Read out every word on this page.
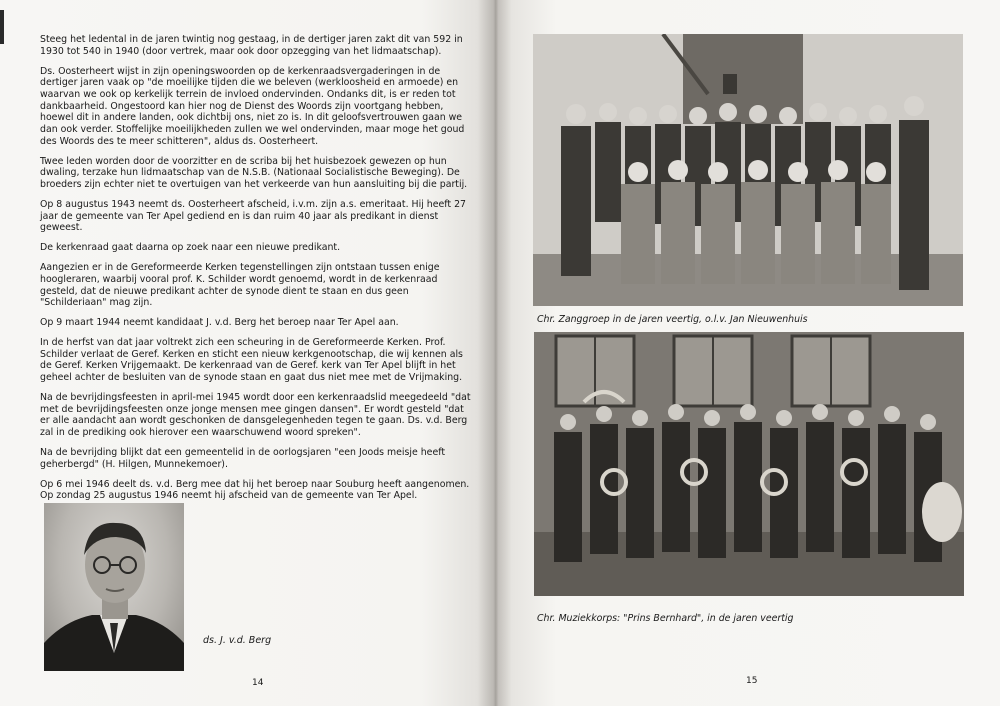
Steeg het ledental in de jaren twintig nog gestaag, in de dertiger jaren zakt dit van 592 in 1930 tot 540 in 1940 (door vertrek, maar ook door opzegging van het lidmaatschap).

Ds. Oosterheert wijst in zijn openingswoorden op de kerkenraadsvergaderingen in de dertiger jaren vaak op "de moeilijke tijden die we beleven (werkloosheid en armoede) en waarvan we ook op kerkelijk terrein de invloed ondervinden. Ondanks dit, is er reden tot dankbaarheid. Ongestoord kan hier nog de Dienst des Woords zijn voortgang hebben, hoewel dit in andere landen, ook dichtbij ons, niet zo is. In dit geloofsvertrouwen gaan we dan ook verder. Stoffelijke moeilijkheden zullen we wel ondervinden, maar moge het goud des Woords des te meer schitteren", aldus ds. Oosterheert.

Twee leden worden door de voorzitter en de scriba bij het huisbezoek gewezen op hun dwaling, terzake hun lidmaatschap van de N.S.B. (Nationaal Socialistische Beweging). De broeders zijn echter niet te overtuigen van het verkeerde van hun aansluiting bij die partij.

Op 8 augustus 1943 neemt ds. Oosterheert afscheid, i.v.m. zijn a.s. emeritaat. Hij heeft 27 jaar de gemeente van Ter Apel gediend en is dan ruim 40 jaar als predikant in dienst geweest.

De kerkenraad gaat daarna op zoek naar een nieuwe predikant.

Aangezien er in de Gereformeerde Kerken tegenstellingen zijn ontstaan tussen enige hoogleraren, waarbij vooral prof. K. Schilder wordt genoemd, wordt in de kerkenraad gesteld, dat de nieuwe predikant achter de synode dient te staan en dus geen "Schilderiaan" mag zijn.

Op 9 maart 1944 neemt kandidaat J. v.d. Berg het beroep naar Ter Apel aan.

In de herfst van dat jaar voltrekt zich een scheuring in de Gereformeerde Kerken. Prof. Schilder verlaat de Geref. Kerken en sticht een nieuw kerkgenootschap, die wij kennen als de Geref. Kerken Vrijgemaakt. De kerkenraad van de Geref. kerk van Ter Apel blijft in het geheel achter de besluiten van de synode staan en gaat dus niet mee met de Vrijmaking.

Na de bevrijdingsfeesten in april-mei 1945 wordt door een kerkenraadslid meegedeeld "dat met de bevrijdingsfeesten onze jonge mensen mee gingen dansen". Er wordt gesteld "dat er alle aandacht aan wordt geschonken de dansgelegenheden tegen te gaan. Ds. v.d. Berg zal in de prediking ook hierover een waarschuwend woord spreken".

Na de bevrijding blijkt dat een gemeentelid in de oorlogsjaren "een Joods meisje heeft geherbergd" (H. Hilgen, Munnekemoer).

Op 6 mei 1946 deelt ds. v.d. Berg mee dat hij het beroep naar Souburg heeft aangenomen.
Op zondag 25 augustus 1946 neemt hij afscheid van de gemeente van Ter Apel.

ds. J. v.d. Berg
14
Chr. Zanggroep in de jaren veertig, o.l.v. Jan Nieuwenhuis
Chr. Muziekkorps: "Prins Bernhard", in de jaren veertig
15
